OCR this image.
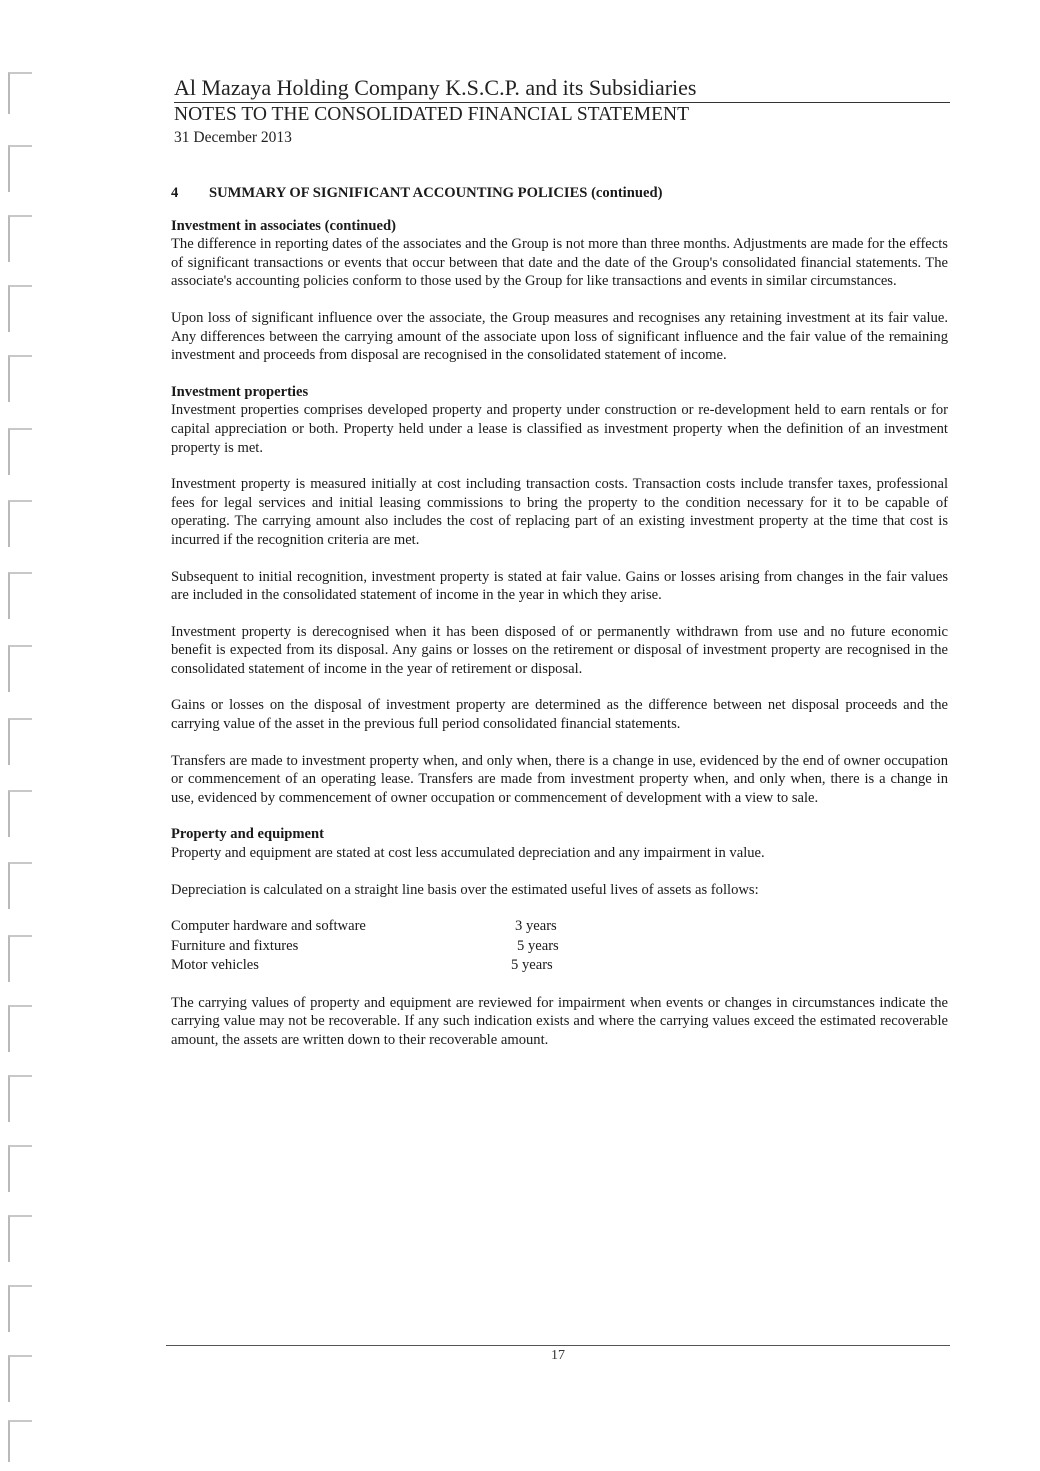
Al Mazaya Holding Company K.S.C.P. and its Subsidiaries
NOTES TO THE CONSOLIDATED FINANCIAL STATEMENT
31 December 2013
4	SUMMARY OF SIGNIFICANT ACCOUNTING POLICIES (continued)
Investment in associates (continued)

The difference in reporting dates of the associates and the Group is not more than three months. Adjustments are made for the effects of significant transactions or events that occur between that date and the date of the Group's consolidated financial statements. The associate's accounting policies conform to those used by the Group for like transactions and events in similar circumstances.

Upon loss of significant influence over the associate, the Group measures and recognises any retaining investment at its fair value. Any differences between the carrying amount of the associate upon loss of significant influence and the fair value of the remaining investment and proceeds from disposal are recognised in the consolidated statement of income.

Investment properties

Investment properties comprises developed property and property under construction or re-development held to earn rentals or for capital appreciation or both. Property held under a lease is classified as investment property when the definition of an investment property is met.

Investment property is measured initially at cost including transaction costs. Transaction costs include transfer taxes, professional fees for legal services and initial leasing commissions to bring the property to the condition necessary for it to be capable of operating. The carrying amount also includes the cost of replacing part of an existing investment property at the time that cost is incurred if the recognition criteria are met.

Subsequent to initial recognition, investment property is stated at fair value. Gains or losses arising from changes in the fair values are included in the consolidated statement of income in the year in which they arise.

Investment property is derecognised when it has been disposed of or permanently withdrawn from use and no future economic benefit is expected from its disposal. Any gains or losses on the retirement or disposal of investment property are recognised in the consolidated statement of income in the year of retirement or disposal.

Gains or losses on the disposal of investment property are determined as the difference between net disposal proceeds and the carrying value of the asset in the previous full period consolidated financial statements.

Transfers are made to investment property when, and only when, there is a change in use, evidenced by the end of owner occupation or commencement of an operating lease. Transfers are made from investment property when, and only when, there is a change in use, evidenced by commencement of owner occupation or commencement of development with a view to sale.

Property and equipment

Property and equipment are stated at cost less accumulated depreciation and any impairment in value.

Depreciation is calculated on a straight line basis over the estimated useful lives of assets as follows:

Computer hardware and software	3 years
Furniture and fixtures	5 years
Motor vehicles	5 years

The carrying values of property and equipment are reviewed for impairment when events or changes in circumstances indicate the carrying value may not be recoverable. If any such indication exists and where the carrying values exceed the estimated recoverable amount, the assets are written down to their recoverable amount.

17
